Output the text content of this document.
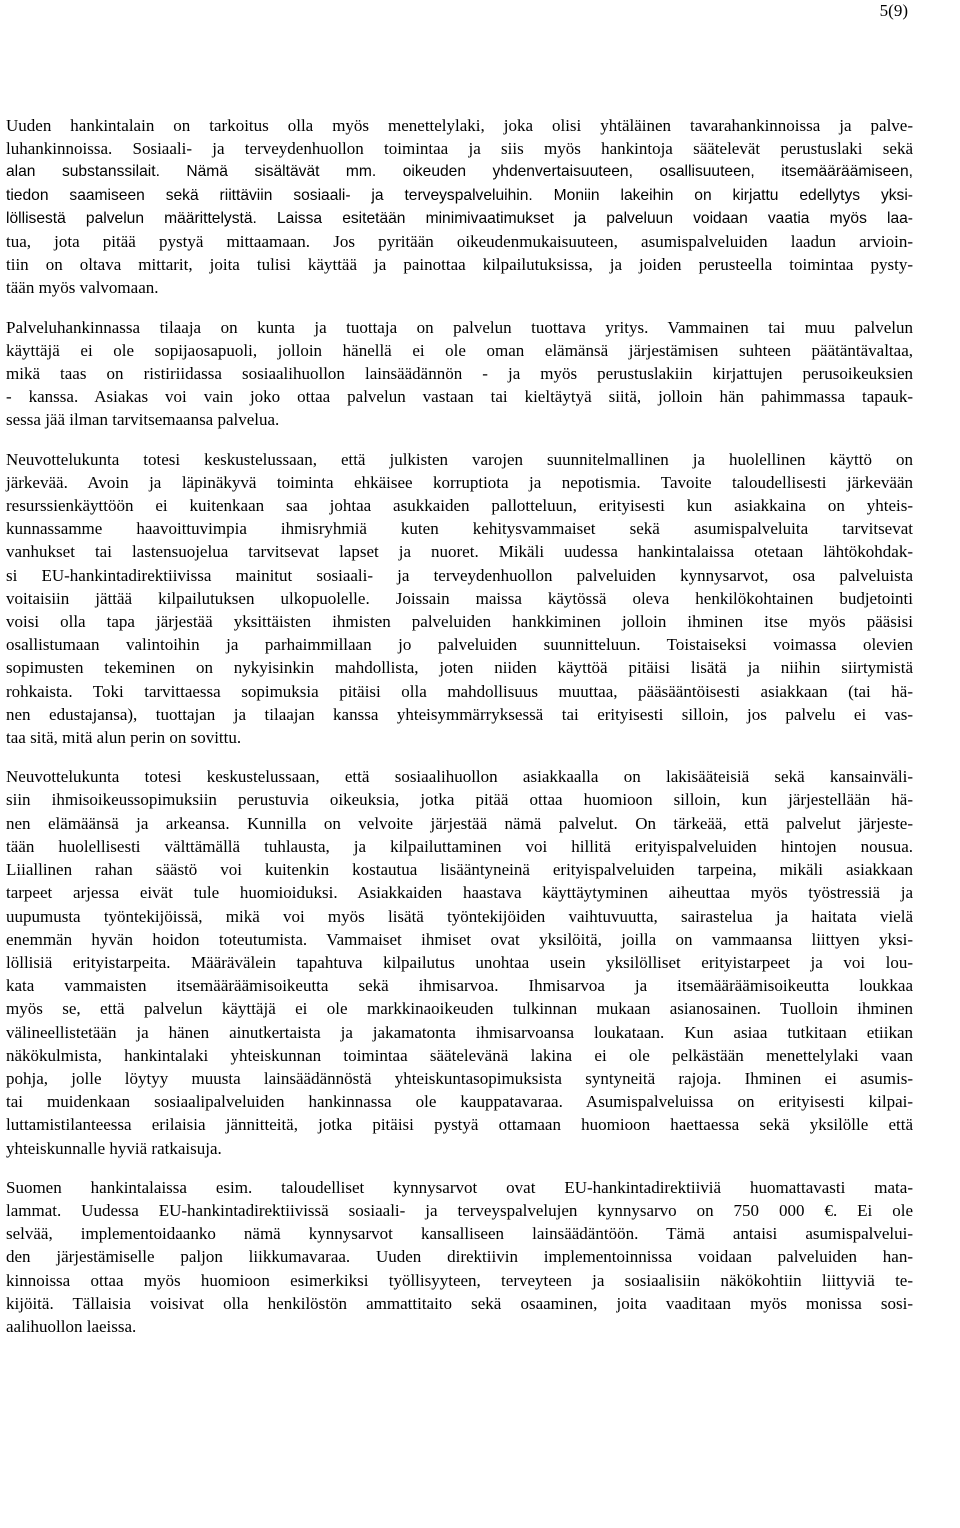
5(9)

Uuden hankintalain on tarkoitus olla myös menettelylaki, joka olisi yhtäläinen tavarahankinnoissa ja palve-
luhankinnoissa. Sosiaali- ja terveydenhuollon toimintaa ja siis myös hankintoja säätelevät perustuslaki sekä
alan substanssilait. Nämä sisältävät mm. oikeuden yhdenvertaisuuteen, osallisuuteen, itsemääräämiseen,
tiedon saamiseen sekä riittäviin sosiaali- ja terveyspalveluihin. Moniin lakeihin on kirjattu edellytys yksi-
löllisestä palvelun määrittelystä. Laissa esitetään minimivaatimukset ja palveluun voidaan vaatia myös laa-
tua, jota pitää pystyä mittaamaan. Jos pyritään oikeudenmukaisuuteen, asumispalveluiden laadun arvioin-
tiin on oltava mittarit, joita tulisi käyttää ja painottaa kilpailutuksissa, ja joiden perusteella toimintaa pysty-
tään myös valvomaan.

Palveluhankinnassa tilaaja on kunta ja tuottaja on palvelun tuottava yritys. Vammainen tai muu palvelun
käyttäjä ei ole sopijaosapuoli, jolloin hänellä ei ole oman elämänsä järjestämisen suhteen päätäntävaltaa,
mikä taas on ristiriidassa sosiaalihuollon lainsäädännön - ja myös perustuslakiin kirjattujen perusoikeuksien
- kanssa. Asiakas voi vain joko ottaa palvelun vastaan tai kieltäytyä siitä, jolloin hän pahimmassa tapauk-
sessa jää ilman tarvitsemaansa palvelua.

Neuvottelukunta totesi keskustelussaan, että julkisten varojen suunnitelmallinen ja huolellinen käyttö on
järkevää. Avoin ja läpinäkyvä toiminta ehkäisee korruptiota ja nepotismia. Tavoite taloudellisesti järkevään
resurssienkäyttöön ei kuitenkaan saa johtaa asukkaiden pallotteluun, erityisesti kun asiakkaina on yhteis-
kunnassamme haavoittuvimpia ihmisryhmiä kuten kehitysvammaiset sekä asumispalveluita tarvitsevat
vanhukset tai lastensuojelua tarvitsevat lapset ja nuoret. Mikäli uudessa hankintalaissa otetaan lähtökohdak-
si EU-hankintadirektiivissa mainitut sosiaali- ja terveydenhuollon palveluiden kynnysarvot, osa palveluista
voitaisiin jättää kilpailutuksen ulkopuolelle. Joissain maissa käytössä oleva henkilökohtainen budjetointi
voisi olla tapa järjestää yksittäisten ihmisten palveluiden hankkiminen jolloin ihminen itse myös pääsisi
osallistumaan valintoihin ja parhaimmillaan jo palveluiden suunnitteluun. Toistaiseksi voimassa olevien
sopimusten tekeminen on nykyisinkin mahdollista, joten niiden käyttöä pitäisi lisätä ja niihin siirtymistä
rohkaista. Toki tarvittaessa sopimuksia pitäisi olla mahdollisuus muuttaa, pääsääntöisesti asiakkaan (tai hä-
nen edustajansa), tuottajan ja tilaajan kanssa yhteisymmärryksessä tai erityisesti silloin, jos palvelu ei vas-
taa sitä, mitä alun perin on sovittu.

Neuvottelukunta totesi keskustelussaan, että sosiaalihuollon asiakkaalla on lakisääteisiä sekä kansainväli-
siin ihmisoikeussopimuksiin perustuvia oikeuksia, jotka pitää ottaa huomioon silloin, kun järjestellään hä-
nen elämäänsä ja arkeansa. Kunnilla on velvoite järjestää nämä palvelut. On tärkeää, että palvelut järjeste-
tään huolellisesti välttämällä tuhlausta, ja kilpailuttaminen voi hillitä erityispalveluiden hintojen nousua.
Liiallinen rahan säästö voi kuitenkin kostautua lisääntyneinä erityispalveluiden tarpeina, mikäli asiakkaan
tarpeet arjessa eivät tule huomioiduksi. Asiakkaiden haastava käyttäytyminen aiheuttaa myös työstressiä ja
uupumusta työntekijöissä, mikä voi myös lisätä työntekijöiden vaihtuvuutta, sairastelua ja haitata vielä
enemmän hyvän hoidon toteutumista. Vammaiset ihmiset ovat yksilöitä, joilla on vammaansa liittyen yksi-
löllisiä erityistarpeita. Määrävälein tapahtuva kilpailutus unohtaa usein yksilölliset erityistarpeet ja voi lou-
kata vammaisten itsemääräämisoikeutta sekä ihmisarvoa. Ihmisarvoa ja itsemääräämisoikeutta loukkaa
myös se, että palvelun käyttäjä ei ole markkinaoikeuden tulkinnan mukaan asianosainen. Tuolloin ihminen
välineellistetään ja hänen ainutkertaista ja jakamatonta ihmisarvoansa loukataan. Kun asiaa tutkitaan etiikan
näkökulmista, hankintalaki yhteiskunnan toimintaa säätelevänä lakina ei ole pelkästään menettelylaki vaan
pohja, jolle löytyy muusta lainsäädännöstä yhteiskuntasopimuksista syntyneitä rajoja. Ihminen ei asumis-
tai muidenkaan sosiaalipalveluiden hankinnassa ole kauppatavaraa. Asumispalveluissa on erityisesti kilpai-
luttamistilanteessa erilaisia jännitteitä, jotka pitäisi pystyä ottamaan huomioon haettaessa sekä yksilölle että
yhteiskunnalle hyviä ratkaisuja.

Suomen hankintalaissa esim. taloudelliset kynnysarvot ovat EU-hankintadirektiiviä huomattavasti mata-
lammat. Uudessa EU-hankintadirektiivissä sosiaali- ja terveyspalvelujen kynnysarvo on 750 000 €. Ei ole
selvää, implementoidaanko nämä kynnysarvot kansalliseen lainsäädäntöön. Tämä antaisi asumispalvelui-
den järjestämiselle paljon liikkumavaraa. Uuden direktiivin implementoinnissa voidaan palveluiden han-
kinnoissa ottaa myös huomioon esimerkiksi työllisyyteen, terveyteen ja sosiaalisiin näkökohtiin liittyviä te-
kijöitä. Tällaisia voisivat olla henkilöstön ammattitaito sekä osaaminen, joita vaaditaan myös monissa sosi-
aalihuollon laeissa.
